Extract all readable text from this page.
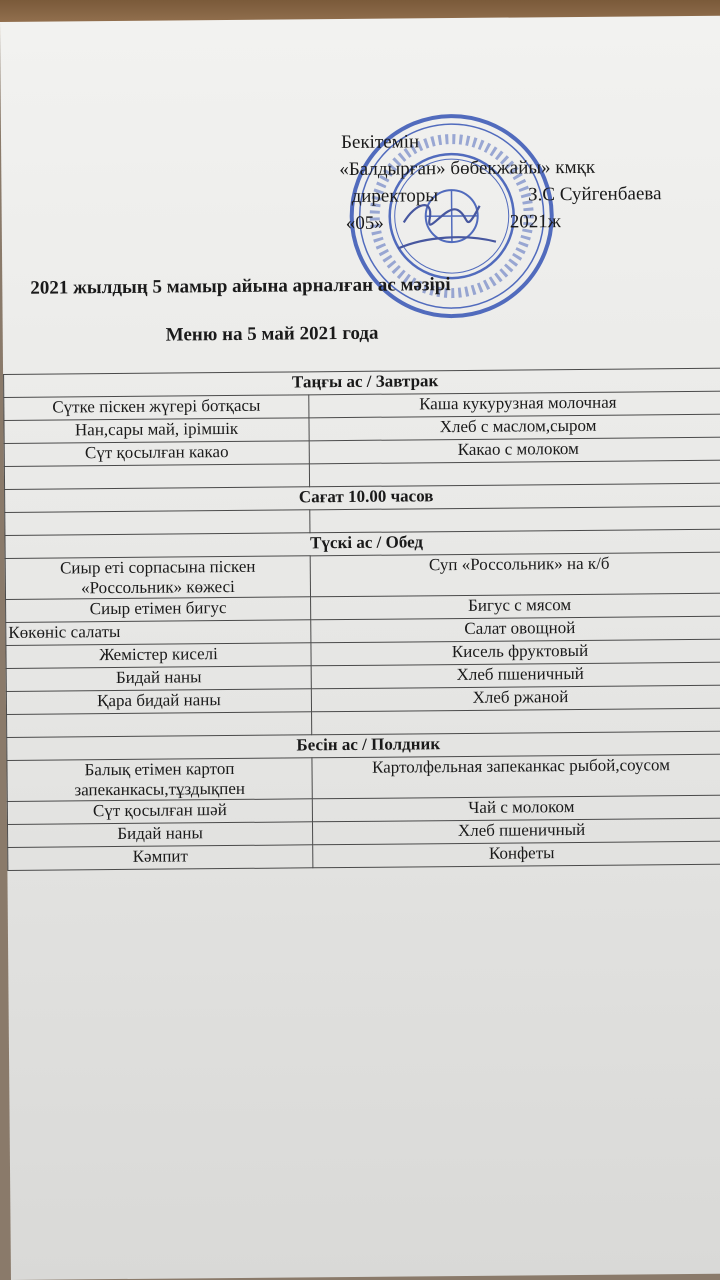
Бекітемін
«Балдырған» бөбекжайы» кмқк
директоры	З.С Суйгенбаева
«05»	2021ж
2021 жылдың 5 мамыр айына арналған ас мәзірі
Меню на 5 май 2021 года
Таңғы ас / Завтрак	
Сүтке піскен жүгері ботқасы	Каша кукурузная молочная
Нан,сары май, ірімшік	Хлеб с маслом,сыром
Сүт қосылған какао	Какао с молоком

Сағат 10.00 часов	

Түскі ас / Обед	

Сиыр еті сорпасына піскен
«Россольник» көжесі	Суп «Россольник» на к/б
Сиыр етімен бигус	Бигус с мясом
Көкөніс салаты	Салат овощной
Жемістер киселі	Кисель фруктовый
Бидай наны	Хлеб пшеничный
Қара бидай наны	Хлеб ржаной

Бесін ас / Полдник	

Балық етімен картоп
запеканкасы,тұздықпен	Картолфельная запеканкас рыбой,соусом
Сүт қосылған шәй	Чай с молоком
Бидай наны	Хлеб пшеничный
Кәмпит	Конфеты
